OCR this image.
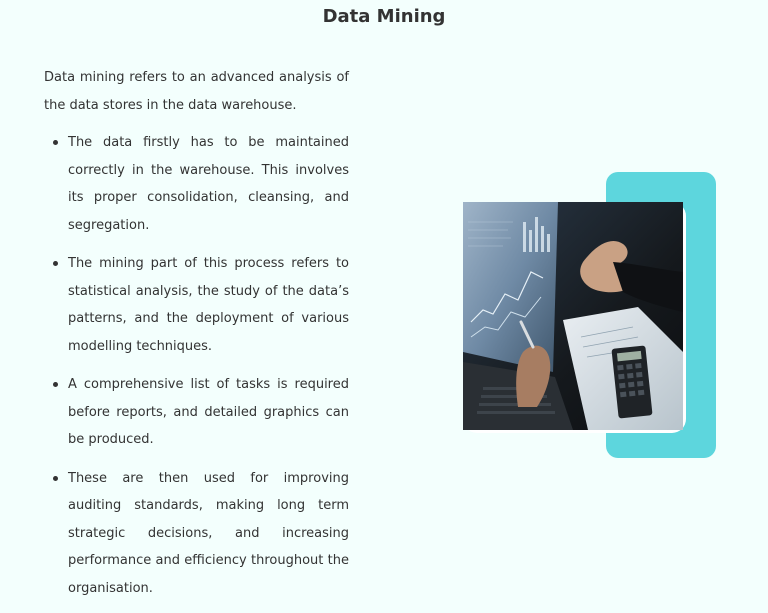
Data Mining

Data mining refers to an advanced analysis of the data stores in the data warehouse.

The data firstly has to be maintained correctly in the warehouse. This involves its proper consolidation, cleansing, and segregation.
The mining part of this process refers to statistical analysis, the study of the data’s patterns, and the deployment of various modelling techniques.
A comprehensive list of tasks is required before reports, and detailed graphics can be produced.
These are then used for improving auditing standards, making long term strategic decisions, and increasing performance and efficiency throughout the organisation.
